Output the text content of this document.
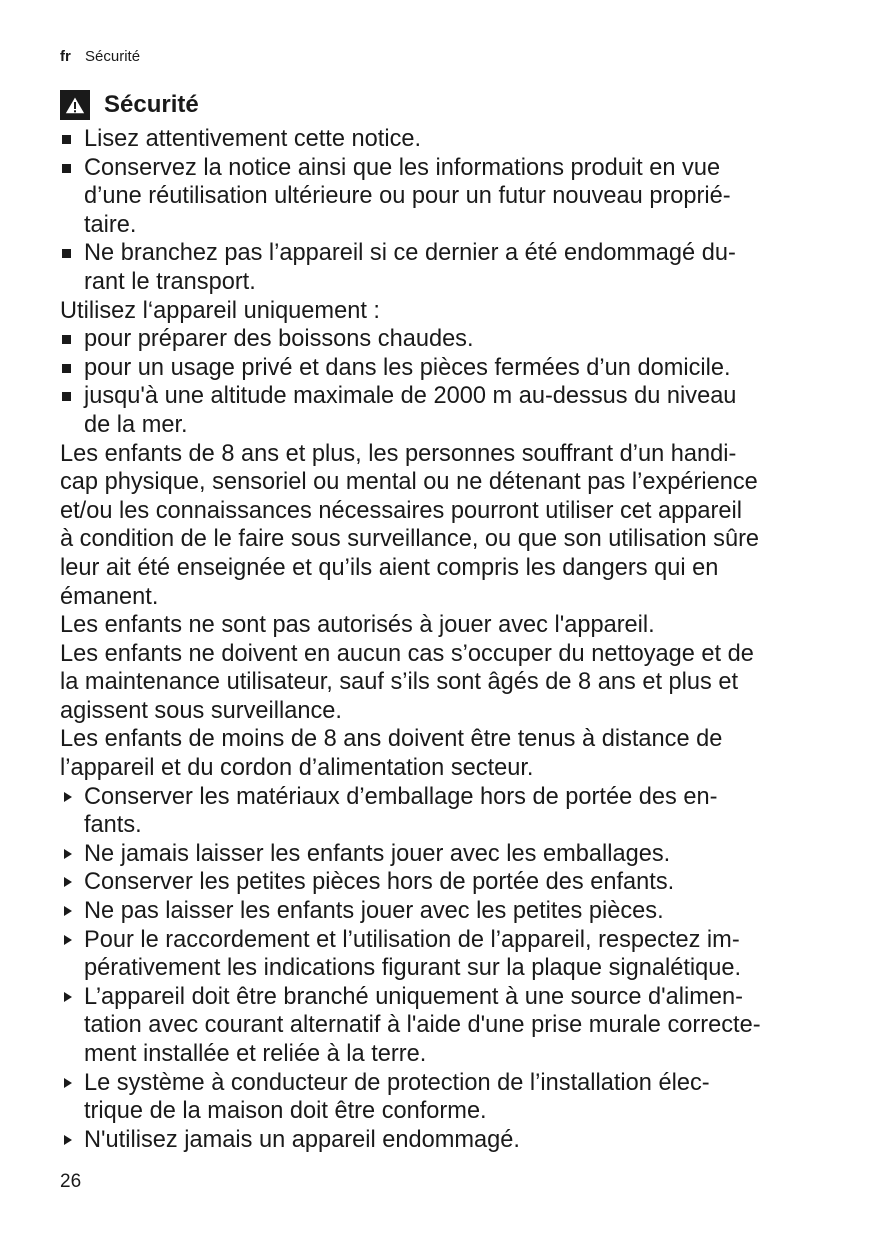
fr Sécurité
Sécurité
Lisez attentivement cette notice.
Conservez la notice ainsi que les informations produit en vue
d’une réutilisation ultérieure ou pour un futur nouveau proprié-
taire.
Ne branchez pas l’appareil si ce dernier a été endommagé du-
rant le transport.

Utilisez l‘appareil uniquement :

pour préparer des boissons chaudes.
pour un usage privé et dans les pièces fermées d’un domicile.
jusqu'à une altitude maximale de 2000 m au-dessus du niveau
de la mer.

Les enfants de 8 ans et plus, les personnes souffrant d’un handi-
cap physique, sensoriel ou mental ou ne détenant pas l’expérience
et/ou les connaissances nécessaires pourront utiliser cet appareil
à condition de le faire sous surveillance, ou que son utilisation sûre
leur ait été enseignée et qu’ils aient compris les dangers qui en
émanent.

Les enfants ne sont pas autorisés à jouer avec l'appareil.

Les enfants ne doivent en aucun cas s’occuper du nettoyage et de
la maintenance utilisateur, sauf s’ils sont âgés de 8 ans et plus et
agissent sous surveillance.

Les enfants de moins de 8 ans doivent être tenus à distance de
l’appareil et du cordon d’alimentation secteur.

Conserver les matériaux d’emballage hors de portée des en-
fants.
Ne jamais laisser les enfants jouer avec les emballages.
Conserver les petites pièces hors de portée des enfants.
Ne pas laisser les enfants jouer avec les petites pièces.
Pour le raccordement et l’utilisation de l’appareil, respectez im-
pérativement les indications figurant sur la plaque signalétique.
L’appareil doit être branché uniquement à une source d'alimen-
tation avec courant alternatif à l'aide d'une prise murale correcte-
ment installée et reliée à la terre.
Le système à conducteur de protection de l’installation élec-
trique de la maison doit être conforme.
N'utilisez jamais un appareil endommagé.
26
